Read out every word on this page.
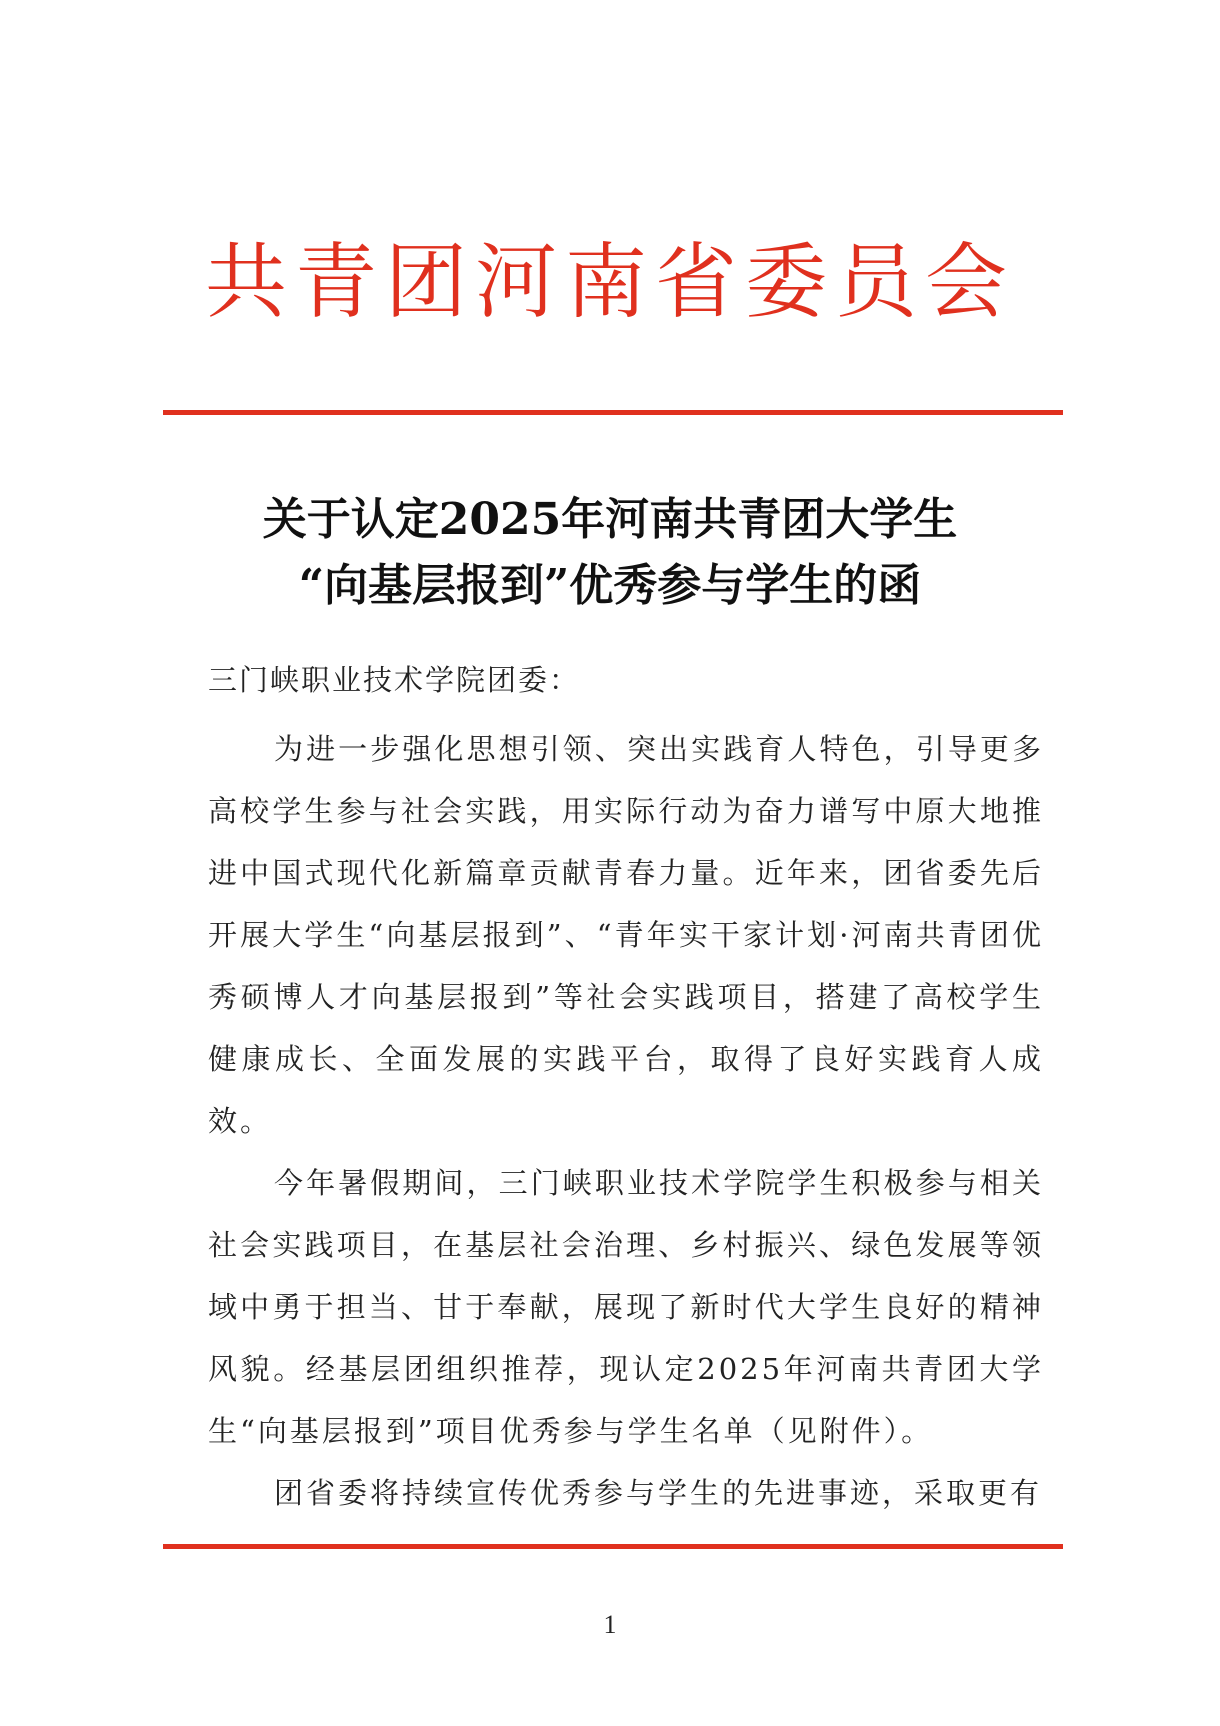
共青团河南省委员会
关于认定2025年河南共青团大学生
“向基层报到”优秀参与学生的函
三门峡职业技术学院团委：

为进一步强化思想引领、突出实践育人特色，引导更多高校学生参与社会实践，用实际行动为奋力谱写中原大地推进中国式现代化新篇章贡献青春力量。近年来，团省委先后开展大学生“向基层报到”、“青年实干家计划·河南共青团优秀硕博人才向基层报到”等社会实践项目，搭建了高校学生健康成长、全面发展的实践平台，取得了良好实践育人成效。

今年暑假期间，三门峡职业技术学院学生积极参与相关社会实践项目，在基层社会治理、乡村振兴、绿色发展等领域中勇于担当、甘于奉献，展现了新时代大学生良好的精神风貌。经基层团组织推荐，现认定2025年河南共青团大学生“向基层报到”项目优秀参与学生名单（见附件）。

团省委将持续宣传优秀参与学生的先进事迹，采取更有

1
